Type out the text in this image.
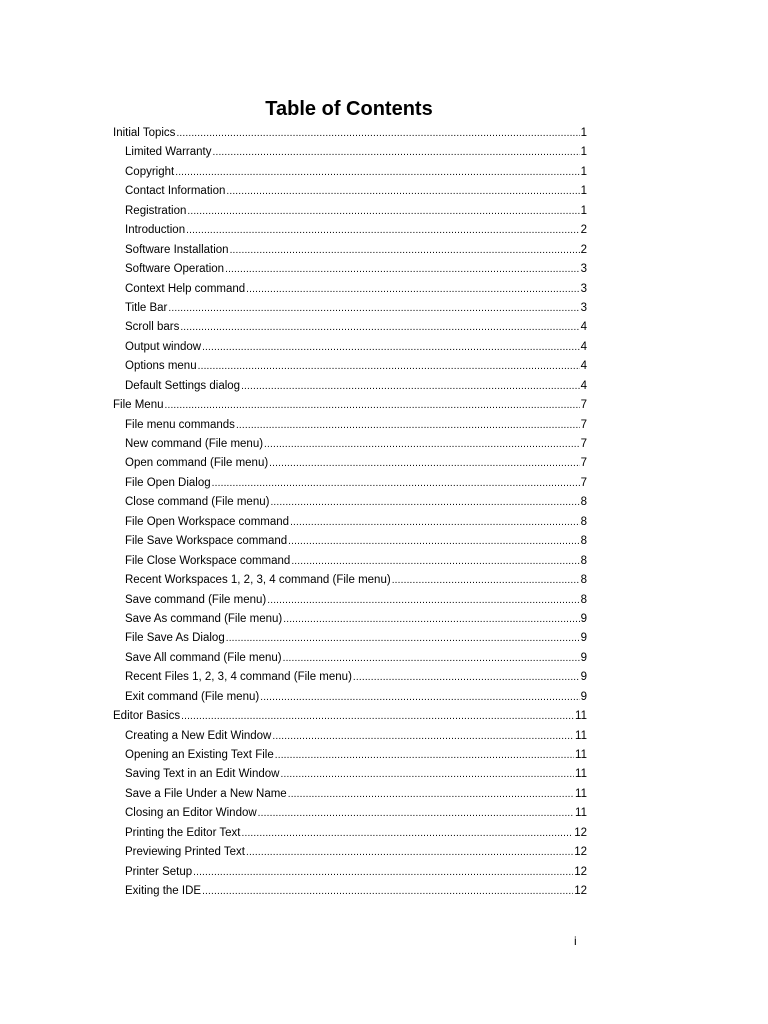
Table of Contents
Initial Topics .....	1
Limited Warranty .....	1
Copyright .....	1
Contact Information .....	1
Registration .....	1
Introduction .....	2
Software Installation .....	2
Software Operation .....	3
Context Help command .....	3
Title Bar .....	3
Scroll bars .....	4
Output window .....	4
Options menu .....	4
Default Settings dialog .....	4
File Menu .....	7
File menu commands .....	7
New command (File menu) .....	7
Open command (File menu) .....	7
File Open Dialog .....	7
Close command (File menu) .....	8
File Open Workspace command .....	8
File Save Workspace command .....	8
File Close Workspace command .....	8
Recent Workspaces 1, 2, 3, 4 command (File menu) .....	8
Save command (File menu) .....	8
Save As command (File menu) .....	9
File Save As Dialog .....	9
Save All command (File menu) .....	9
Recent Files 1, 2, 3, 4 command (File menu) .....	9
Exit command (File menu) .....	9
Editor Basics .....	11
Creating a New Edit Window .....	11
Opening an Existing Text File .....	11
Saving Text in an Edit Window .....	11
Save a File Under a New Name .....	11
Closing an Editor Window .....	11
Printing the Editor Text .....	12
Previewing Printed Text .....	12
Printer Setup .....	12
Exiting the IDE .....	12
i
